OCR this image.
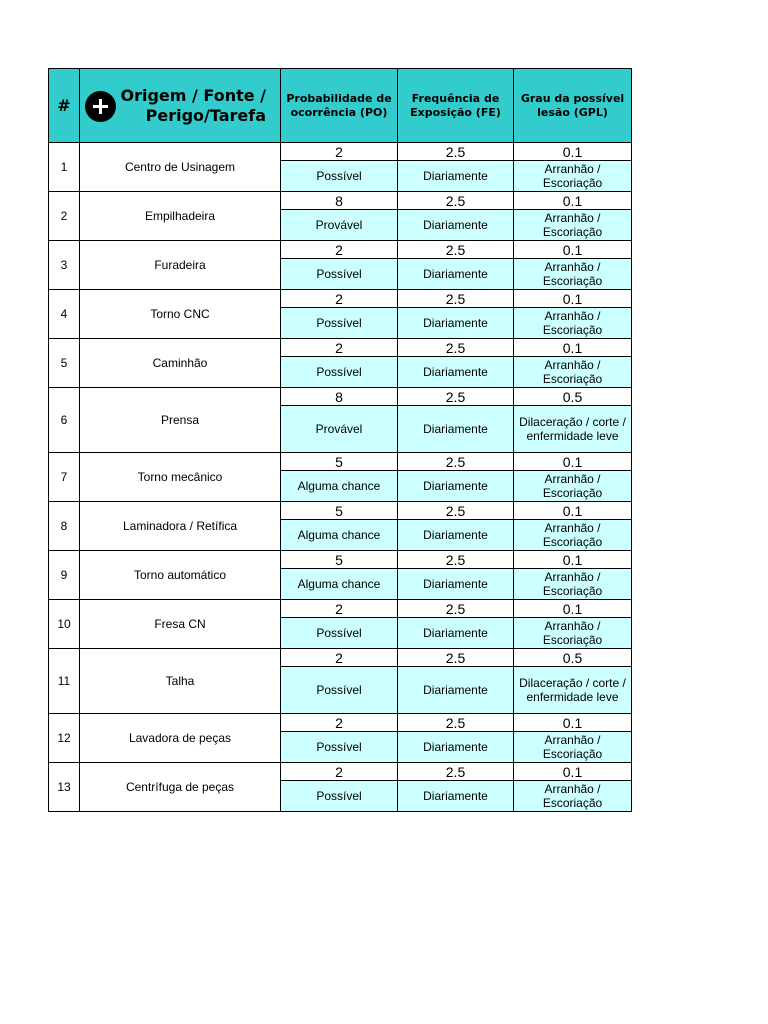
#	Origem / Fonte / Perigo/Tarefa	Probabilidade de ocorrência (PO)	Frequência de Exposição (FE)	Grau da possível lesão (GPL)
1	Centro de Usinagem	2	2.5	0.1
		Possível	Diariamente	Arranhão / Escoriação
2	Empilhadeira	8	2.5	0.1
		Provável	Diariamente	Arranhão / Escoriação
3	Furadeira	2	2.5	0.1
		Possível	Diariamente	Arranhão / Escoriação
4	Torno CNC	2	2.5	0.1
		Possível	Diariamente	Arranhão / Escoriação
5	Caminhão	2	2.5	0.1
		Possível	Diariamente	Arranhão / Escoriação
6	Prensa	8	2.5	0.5
		Provável	Diariamente	Dilaceração / corte / enfermidade leve
7	Torno mecânico	5	2.5	0.1
		Alguma chance	Diariamente	Arranhão / Escoriação
8	Laminadora / Retífica	5	2.5	0.1
		Alguma chance	Diariamente	Arranhão / Escoriação
9	Torno automático	5	2.5	0.1
		Alguma chance	Diariamente	Arranhão / Escoriação
10	Fresa CN	2	2.5	0.1
		Possível	Diariamente	Arranhão / Escoriação
11	Talha	2	2.5	0.5
		Possível	Diariamente	Dilaceração / corte / enfermidade leve
12	Lavadora de peças	2	2.5	0.1
		Possível	Diariamente	Arranhão / Escoriação
13	Centrífuga de peças	2	2.5	0.1
		Possível	Diariamente	Arranhão / Escoriação
